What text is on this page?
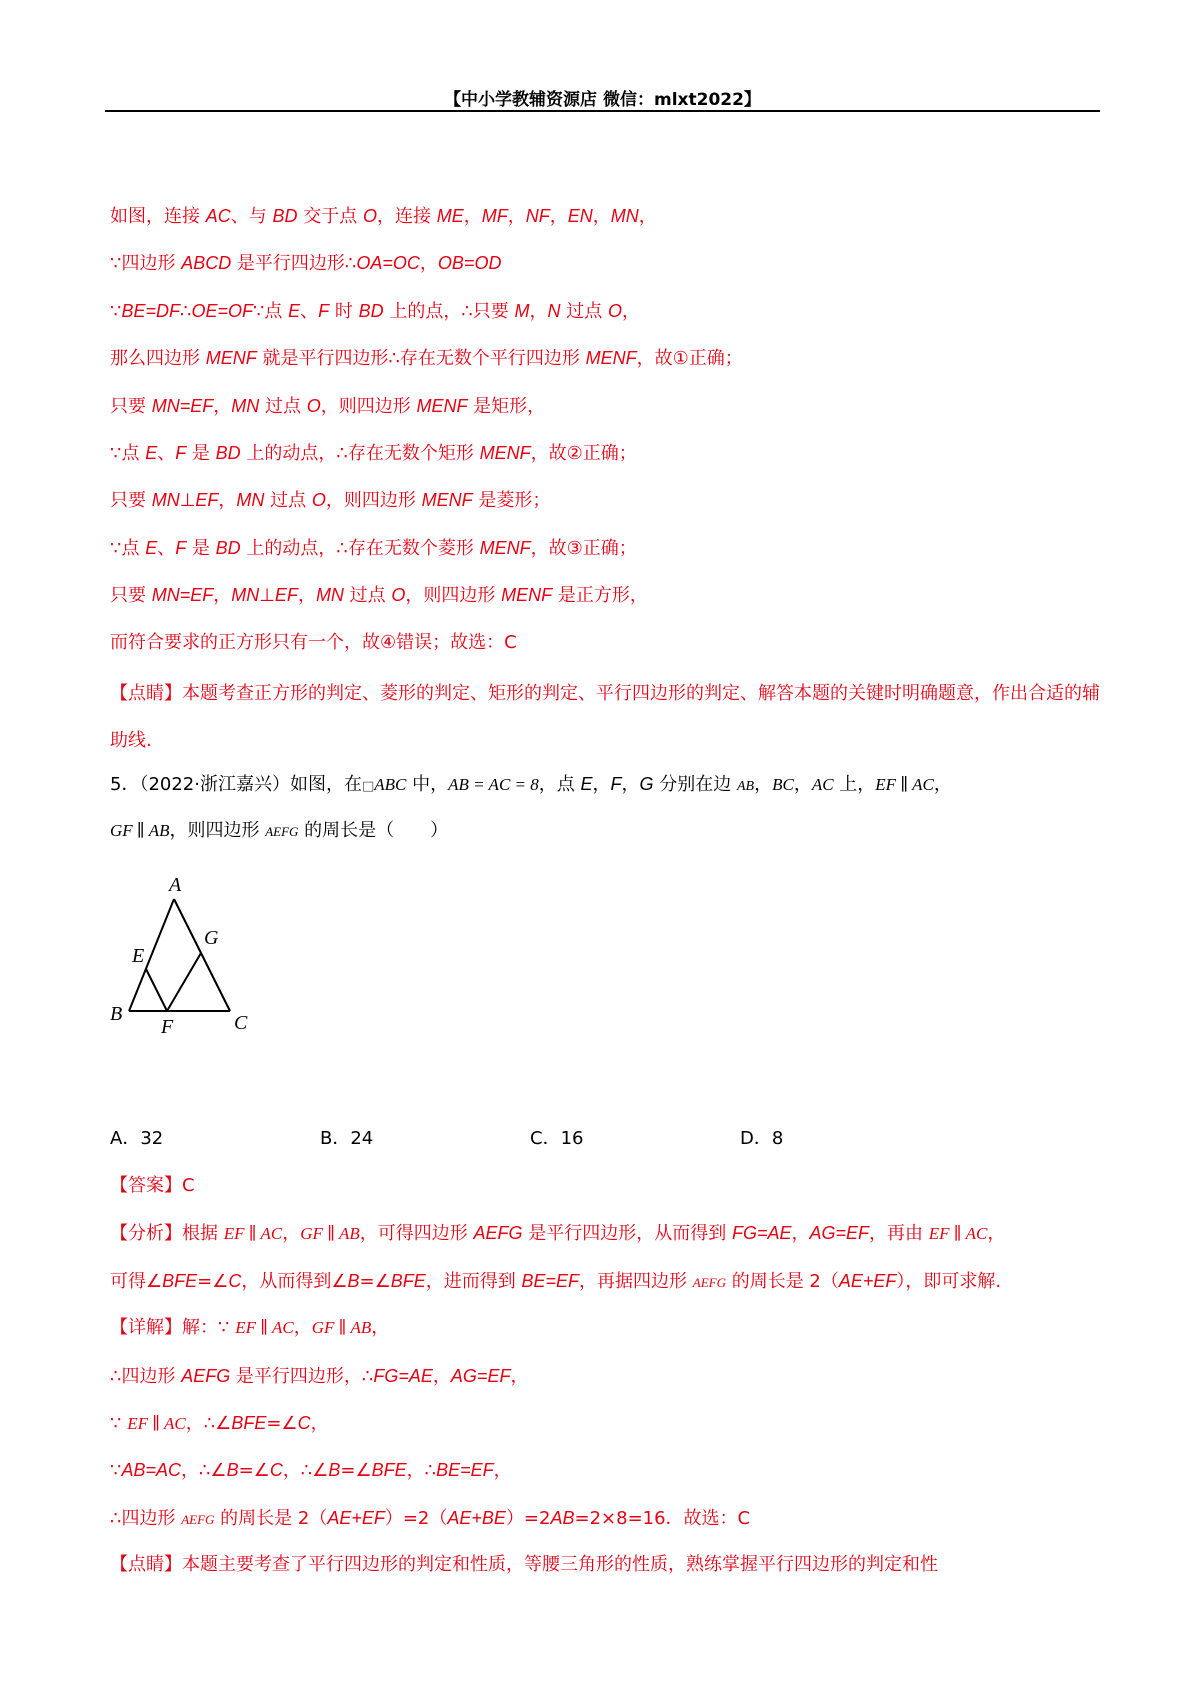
【中小学教辅资源店 微信：mlxt2022】
如图，连接 AC、与 BD 交于点 O，连接 ME，MF，NF，EN，MN，
∵四边形 ABCD 是平行四边形∴OA=OC，OB=OD
∵BE=DF∴OE=OF∵点 E、F 时 BD 上的点，∴只要 M，N 过点 O，
那么四边形 MENF 就是平行四边形∴存在无数个平行四边形 MENF，故①正确；
只要 MN=EF，MN 过点 O，则四边形 MENF 是矩形，
∵点 E、F 是 BD 上的动点，∴存在无数个矩形 MENF，故②正确；
只要 MN⊥EF，MN 过点 O，则四边形 MENF 是菱形；
∵点 E、F 是 BD 上的动点，∴存在无数个菱形 MENF，故③正确；
只要 MN=EF，MN⊥EF，MN 过点 O，则四边形 MENF 是正方形，
而符合要求的正方形只有一个，故④错误；故选：C
【点睛】本题考查正方形的判定、菱形的判定、矩形的判定、平行四边形的判定、解答本题的关键时明确题意，作出合适的辅助线.
5．（2022·浙江嘉兴）如图，在□ABC 中，AB = AC = 8，点 E，F，G 分别在边 AB，BC，AC 上，EF ∥ AC，
GF ∥ AB，则四边形 AEFG 的周长是（　　）
A
B	C
E
F
G
A．32	B．24	C．16	D．8
【答案】C
【分析】根据 EF ∥ AC，GF ∥ AB，可得四边形 AEFG 是平行四边形，从而得到 FG=AE，AG=EF，再由 EF ∥ AC，
可得∠BFE=∠C，从而得到∠B=∠BFE，进而得到 BE=EF，再据四边形 AEFG 的周长是 2（AE+EF），即可求解.
【详解】解：∵ EF ∥ AC，GF ∥ AB，
∴四边形 AEFG 是平行四边形，∴FG=AE，AG=EF，
∵ EF ∥ AC，∴∠BFE=∠C，
∵AB=AC，∴∠B=∠C，∴∠B=∠BFE，∴BE=EF，
∴四边形 AEFG 的周长是 2（AE+EF）=2（AE+BE）=2AB=2×8=16．故选：C
【点睛】本题主要考查了平行四边形的判定和性质，等腰三角形的性质，熟练掌握平行四边形的判定和性
